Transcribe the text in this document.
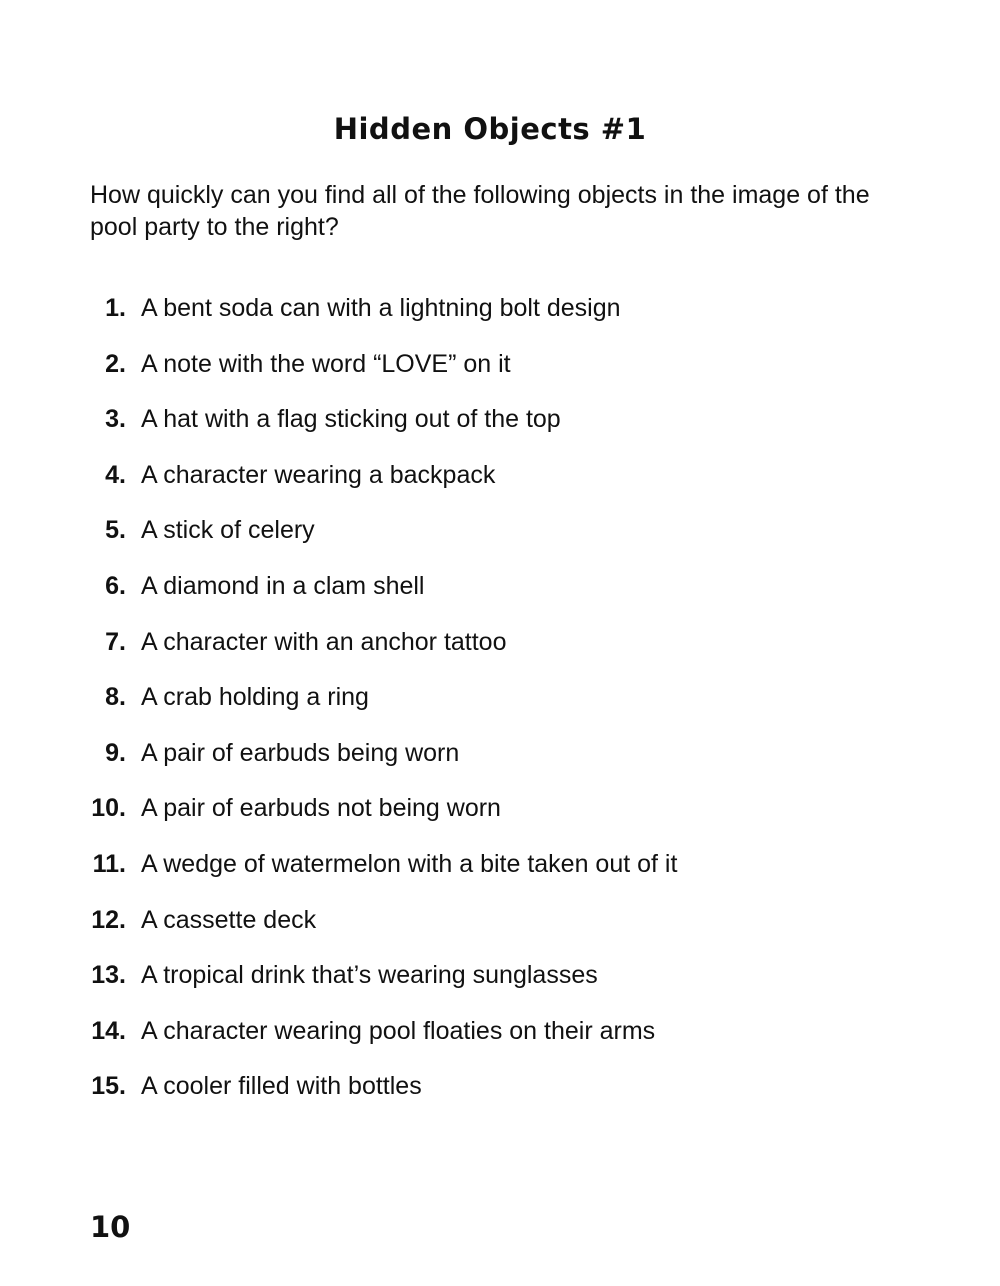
Hidden Objects #1

How quickly can you find all of the following objects in the image of the pool party to the right?

1. A bent soda can with a lightning bolt design
2. A note with the word “LOVE” on it
3. A hat with a flag sticking out of the top
4. A character wearing a backpack
5. A stick of celery
6. A diamond in a clam shell
7. A character with an anchor tattoo
8. A crab holding a ring
9. A pair of earbuds being worn
10. A pair of earbuds not being worn
11. A wedge of watermelon with a bite taken out of it
12. A cassette deck
13. A tropical drink that’s wearing sunglasses
14. A character wearing pool floaties on their arms
15. A cooler filled with bottles
10
